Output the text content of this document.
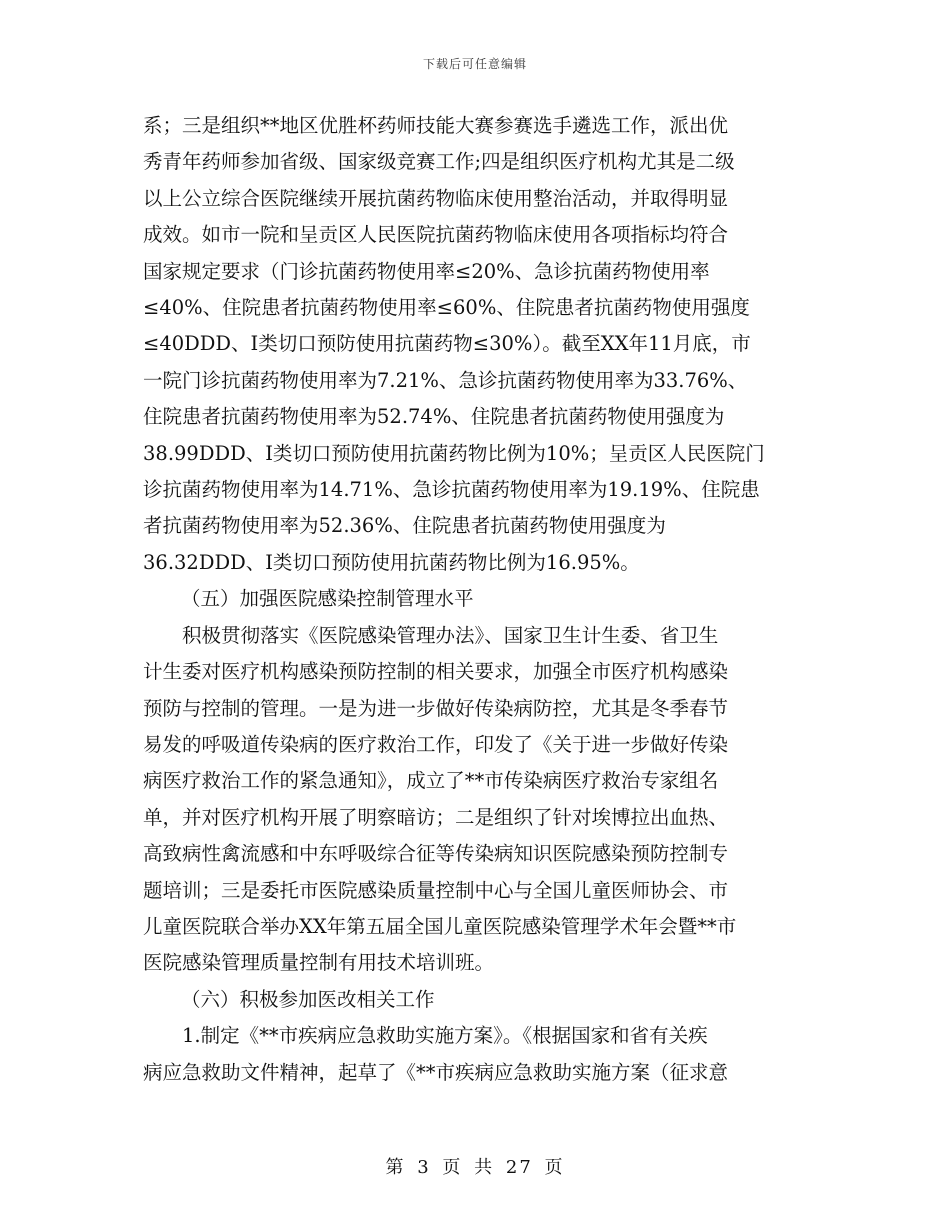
下载后可任意编辑

系；三是组织**地区优胜杯药师技能大赛参赛选手遴选工作，派出优
秀青年药师参加省级、国家级竞赛工作;四是组织医疗机构尤其是二级
以上公立综合医院继续开展抗菌药物临床使用整治活动，并取得明显
成效。如市一院和呈贡区人民医院抗菌药物临床使用各项指标均符合
国家规定要求（门诊抗菌药物使用率≤20%、急诊抗菌药物使用率
≤40%、住院患者抗菌药物使用率≤60%、住院患者抗菌药物使用强度
≤40DDD、Ⅰ类切口预防使用抗菌药物≤30%）。截至XX年11月底，市
一院门诊抗菌药物使用率为7.21%、急诊抗菌药物使用率为33.76%、
住院患者抗菌药物使用率为52.74%、住院患者抗菌药物使用强度为
38.99DDD、Ⅰ类切口预防使用抗菌药物比例为10%；呈贡区人民医院门
诊抗菌药物使用率为14.71%、急诊抗菌药物使用率为19.19%、住院患
者抗菌药物使用率为52.36%、住院患者抗菌药物使用强度为
36.32DDD、Ⅰ类切口预防使用抗菌药物比例为16.95%。

（五）加强医院感染控制管理水平

积极贯彻落实《医院感染管理办法》、国家卫生计生委、省卫生
计生委对医疗机构感染预防控制的相关要求，加强全市医疗机构感染
预防与控制的管理。一是为进一步做好传染病防控，尤其是冬季春节
易发的呼吸道传染病的医疗救治工作，印发了《关于进一步做好传染
病医疗救治工作的紧急通知》，成立了**市传染病医疗救治专家组名
单，并对医疗机构开展了明察暗访；二是组织了针对埃博拉出血热、
高致病性禽流感和中东呼吸综合征等传染病知识医院感染预防控制专
题培训；三是委托市医院感染质量控制中心与全国儿童医师协会、市
儿童医院联合举办XX年第五届全国儿童医院感染管理学术年会暨**市
医院感染管理质量控制有用技术培训班。

（六）积极参加医改相关工作

1.制定《**市疾病应急救助实施方案》。《根据国家和省有关疾
病应急救助文件精神，起草了《**市疾病应急救助实施方案（征求意

第 3 页 共 27 页
